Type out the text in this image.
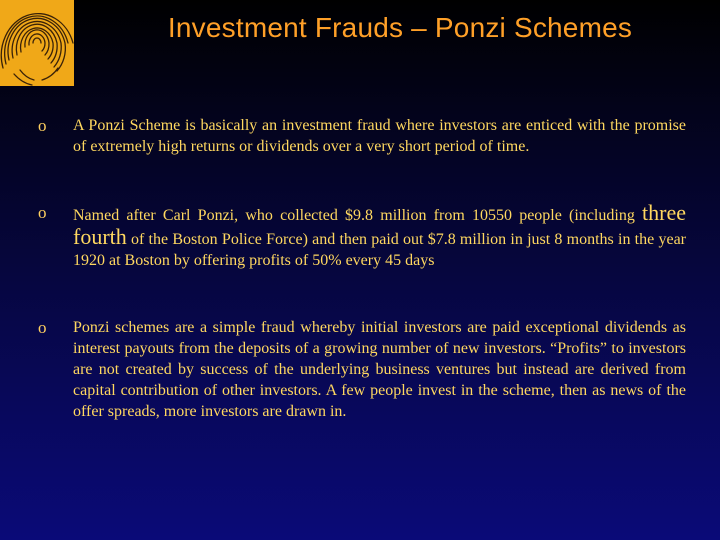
Investment Frauds – Ponzi Schemes
o	A Ponzi Scheme is basically an investment fraud where investors are enticed with the promise of extremely high returns or dividends over a very short period of time.
o	Named after Carl Ponzi, who collected $9.8 million from 10550 people (including three fourth of the Boston Police Force) and then paid out $7.8 million in just 8 months in the year 1920 at Boston by offering profits of 50% every 45 days
o	Ponzi schemes are a simple fraud whereby initial investors are paid exceptional dividends as interest payouts from the deposits of a growing number of new investors. “Profits” to investors are not created by success of the underlying business ventures but instead are derived from capital contribution of other investors. A few people invest in the scheme, then as news of the offer spreads, more investors are drawn in.
